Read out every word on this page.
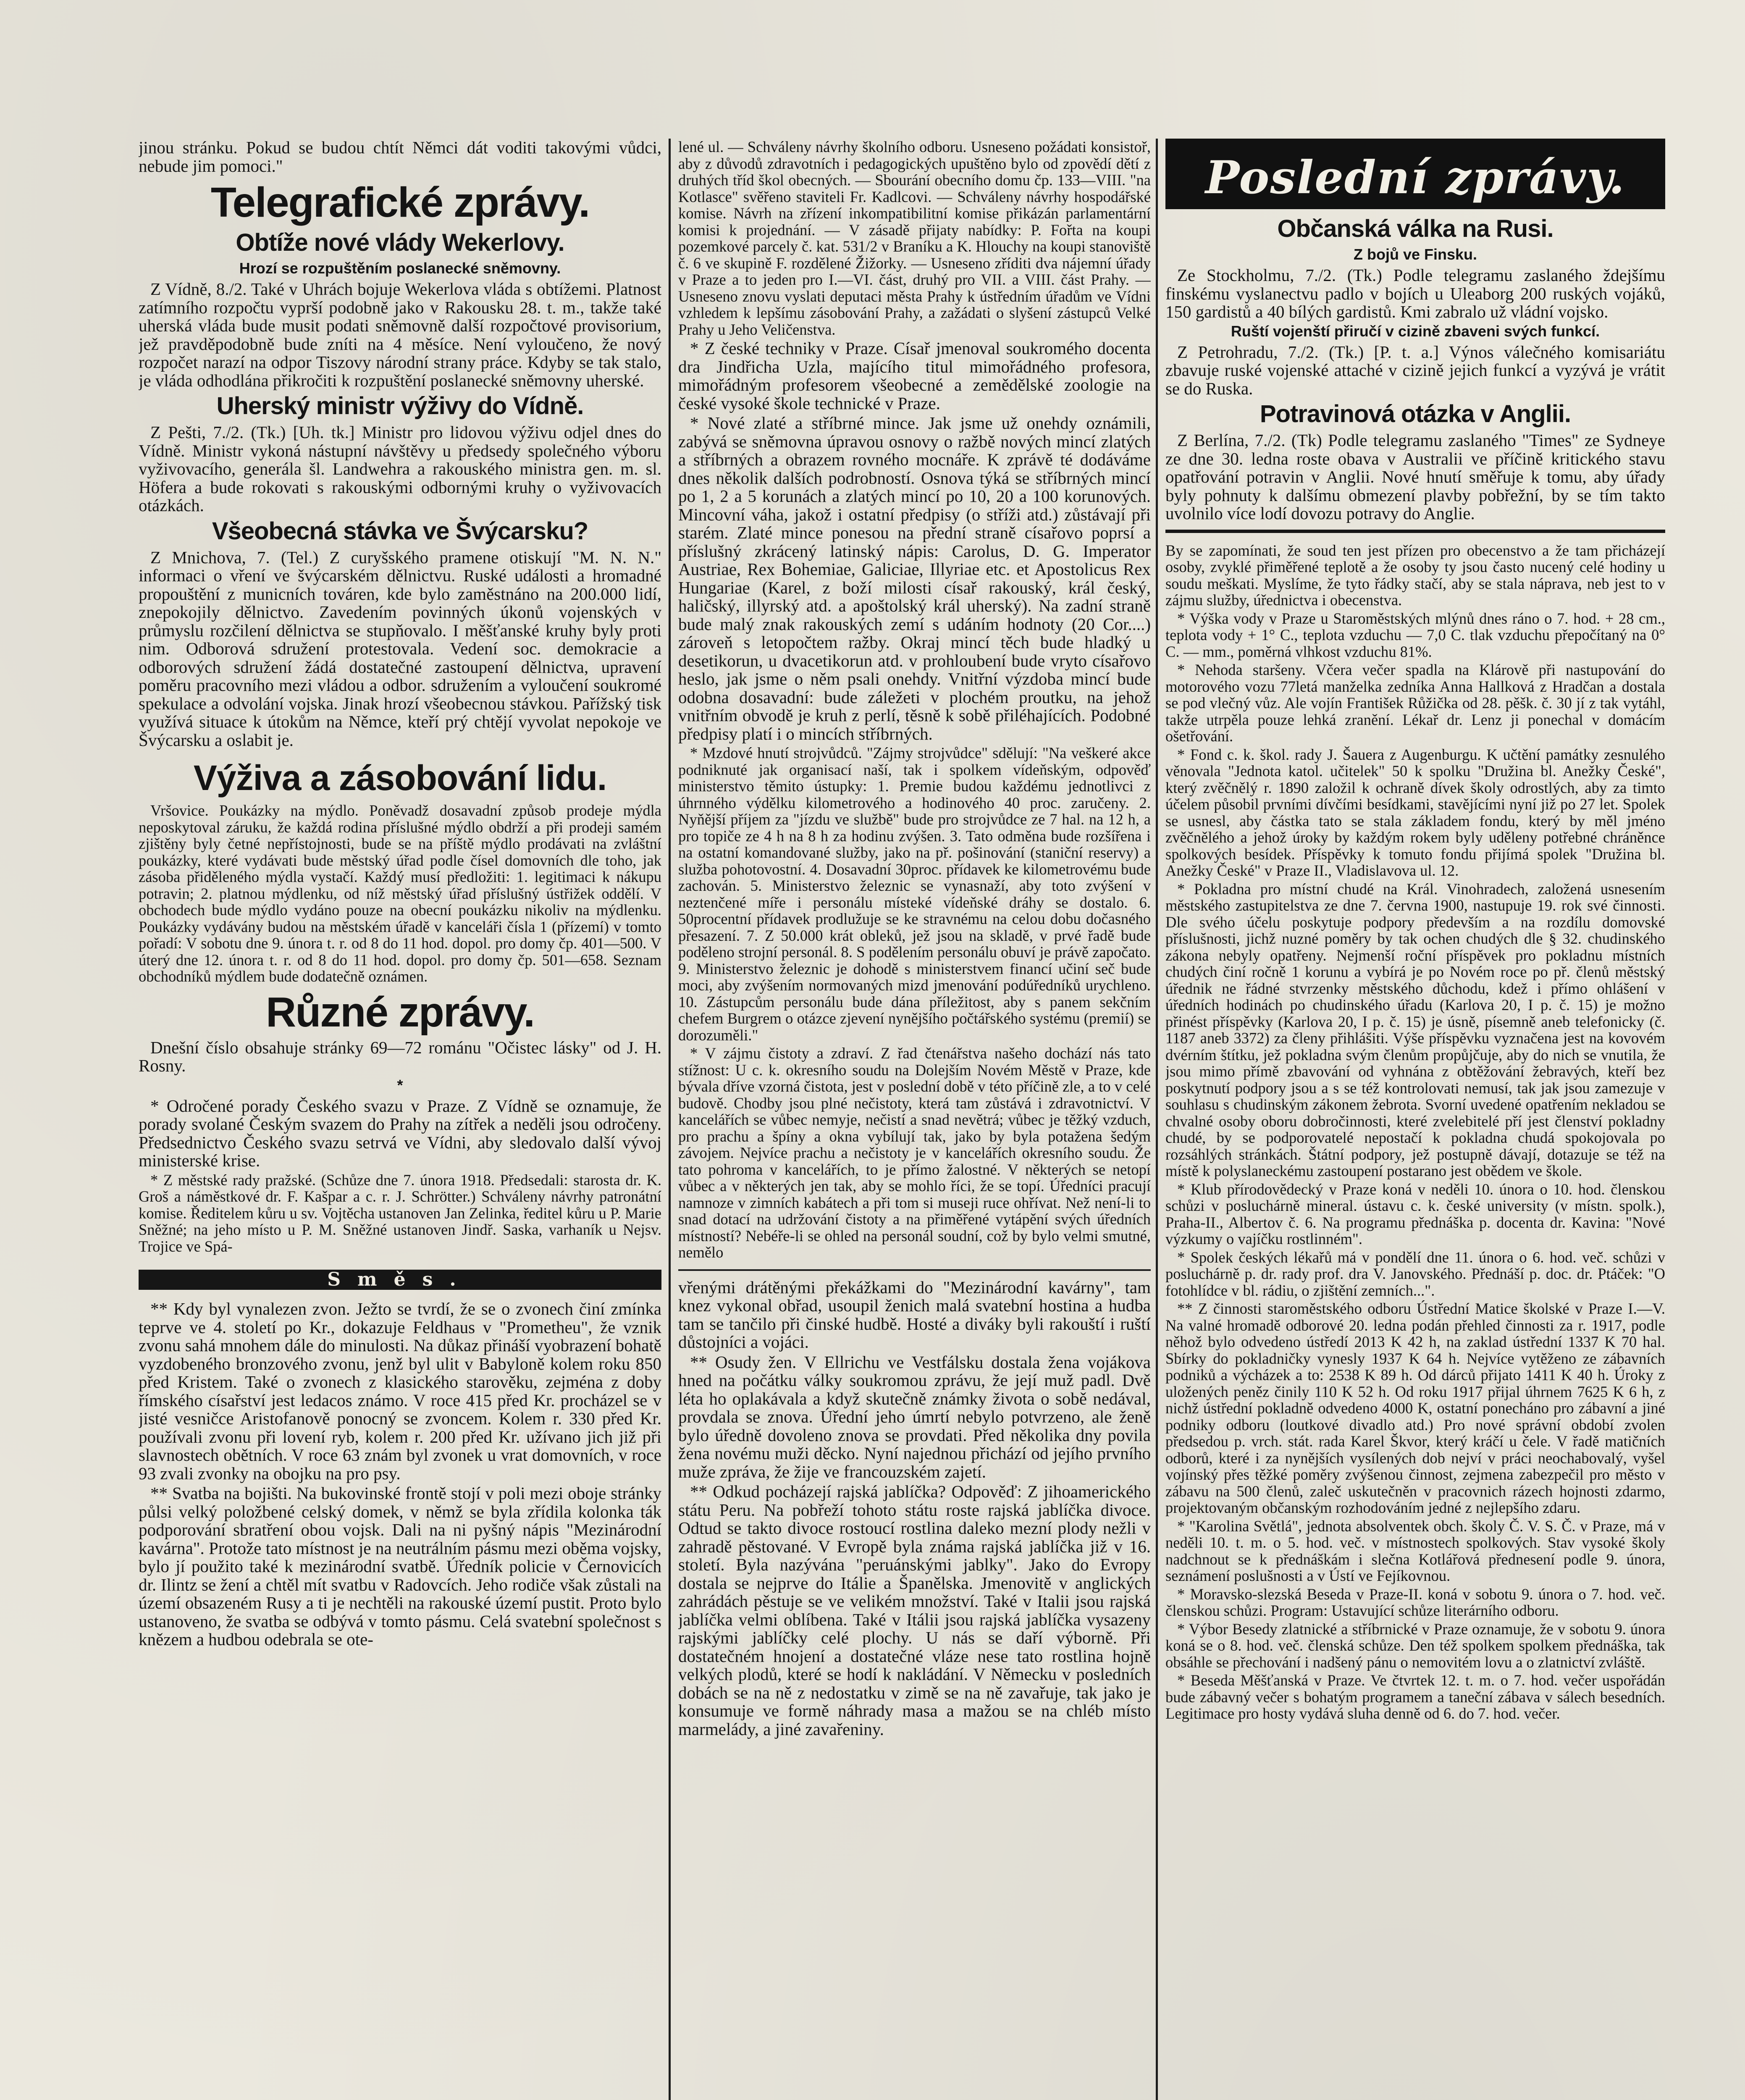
jinou stránku. Pokud se budou chtít Němci dát voditi takovými vůdci, nebude jim pomoci."

Telegrafické zprávy.
Obtíže nové vlády Wekerlovy.
Hrozí se rozpuštěním poslanecké sněmovny.

Z Vídně, 8./2. Také v Uhrách bojuje Wekerlova vláda s obtížemi. Platnost zatímního rozpočtu vyprší podobně jako v Rakousku 28. t. m., takže také uherská vláda bude musit podati sněmovně další rozpočtové provisorium, jež pravděpodobně bude zníti na 4 měsíce. Není vyloučeno, že nový rozpočet narazí na odpor Tiszovy národní strany práce. Kdyby se tak stalo, je vláda odhodlána přikročiti k rozpuštění poslanecké sněmovny uherské.

Uherský ministr výživy do Vídně.

Z Pešti, 7./2. (Tk.) [Uh. tk.] Ministr pro lidovou výživu odjel dnes do Vídně. Ministr vykoná nástupní návštěvy u předsedy společného výboru vyživovacího, generála šl. Landwehra a rakouského ministra gen. m. sl. Höfera a bude rokovati s rakouskými odbornými kruhy o vyživovacích otázkách.

Všeobecná stávka ve Švýcarsku?

Z Mnichova, 7. (Tel.) Z curyšského pramene otiskují "M. N. N." informaci o vření ve švýcarském dělnictvu. Ruské události a hromadné propouštění z municních továren, kde bylo zaměstnáno na 200.000 lidí, znepokojily dělnictvo. Zavedením povinných úkonů vojenských v průmyslu rozčilení dělnictva se stupňovalo. I měšťanské kruhy byly proti nim. Odborová sdružení protestovala. Vedení soc. demokracie a odborových sdružení žádá dostatečné zastoupení dělnictva, upravení poměru pracovního mezi vládou a odbor. sdružením a vyloučení soukromé spekulace a odvolání vojska. Jinak hrozí všeobecnou stávkou. Pařížský tisk využívá situace k útokům na Němce, kteří prý chtějí vyvolat nepokoje ve Švýcarsku a oslabit je.

Výživa a zásobování lidu.

Vršovice. Poukázky na mýdlo. Poněvadž dosavadní způsob prodeje mýdla neposkytoval záruku, že každá rodina příslušné mýdlo obdrží a při prodeji samém zjištěny byly četné nepřístojnosti, bude se na příště mýdlo prodávati na zvláštní poukázky, které vydávati bude městský úřad podle čísel domovních dle toho, jak zásoba přiděleného mýdla vystačí. Každý musí předložiti: 1. legitimaci k nákupu potravin; 2. platnou mýdlenku, od níž městský úřad příslušný ústřižek oddělí. V obchodech bude mýdlo vydáno pouze na obecní poukázku nikoliv na mýdlenku. Poukázky vydávány budou na městském úřadě v kanceláři čísla 1 (přízemí) v tomto pořadí: V sobotu dne 9. února t. r. od 8 do 11 hod. dopol. pro domy čp. 401—500. V úterý dne 12. února t. r. od 8 do 11 hod. dopol. pro domy čp. 501—658. Seznam obchodníků mýdlem bude dodatečně oznámen.

Různé zprávy.

Dnešní číslo obsahuje stránky 69—72 románu "Očistec lásky" od J. H. Rosny.

*

* Odročené porady Českého svazu v Praze. Z Vídně se oznamuje, že porady svolané Českým svazem do Prahy na zítřek a neděli jsou odročeny. Předsednictvo Českého svazu setrvá ve Vídni, aby sledovalo další vývoj ministerské krise.

* Z městské rady pražské. (Schůze dne 7. února 1918. Předsedali: starosta dr. K. Groš a náměstkové dr. F. Kašpar a c. r. J. Schrötter.) Schváleny návrhy patronátní komise. Ředitelem kůru u sv. Vojtěcha ustanoven Jan Zelinka, ředitel kůru u P. Marie Sněžné; na jeho místo u P. M. Sněžné ustanoven Jindř. Saska, varhaník u Nejsv. Trojice ve Spá-

Směs.

** Kdy byl vynalezen zvon. Ježto se tvrdí, že se o zvonech činí zmínka teprve ve 4. století po Kr., dokazuje Feldhaus v "Prometheu", že vznik zvonu sahá mnohem dále do minulosti. Na důkaz přináší vyobrazení bohatě vyzdobeného bronzového zvonu, jenž byl ulit v Babyloně kolem roku 850 před Kristem. Také o zvonech z klasického starověku, zejména z doby římského císařství jest ledacos známo. V roce 415 před Kr. procházel se v jisté vesničce Aristofanově ponocný se zvoncem. Kolem r. 330 před Kr. používali zvonu při lovení ryb, kolem r. 200 před Kr. užívano jich již při slavnostech obětních. V roce 63 znám byl zvonek u vrat domovních, v roce 93 zvali zvonky na obojku na pro psy.

** Svatba na bojišti. Na bukovinské frontě stojí v poli mezi oboje stránky půlsi velký položbené celský domek, v němž se byla zřídila kolonka ták podporování sbratření obou vojsk. Dali na ni pyšný nápis "Mezinárodní kavárna". Protože tato místnost je na neutrálním pásmu mezi oběma vojsky, bylo jí použito také k mezinárodní svatbě. Úředník policie v Černovicích dr. Ilintz se žení a chtěl mít svatbu v Radovcích. Jeho rodiče však zůstali na území obsazeném Rusy a ti je nechtěli na rakouské území pustit. Proto bylo ustanoveno, že svatba se odbývá v tomto pásmu. Celá svatební společnost s knězem a hudbou odebrala se ote-

lené ul. — Schváleny návrhy školního odboru. Usneseno požádati konsistoř, aby z důvodů zdravotních i pedagogických upuštěno bylo od zpovědí dětí z druhých tříd škol obecných. — Sbourání obecního domu čp. 133—VIII. "na Kotlasce" svěřeno staviteli Fr. Kadlcovi. — Schváleny návrhy hospodářské komise. Návrh na zřízení inkompatibilitní komise přikázán parlamentární komisi k projednání. — V zásadě přijaty nabídky: P. Fořta na koupi pozemkové parcely č. kat. 531/2 v Braníku a K. Hlouchy na koupi stanoviště č. 6 ve skupině F. rozdělené Žižorky. — Usneseno zříditi dva nájemní úřady v Praze a to jeden pro I.—VI. část, druhý pro VII. a VIII. část Prahy. — Usneseno znovu vyslati deputaci města Prahy k ústředním úřadům ve Vídni vzhledem k lepšímu zásobování Prahy, a zažádati o slyšení zástupců Velké Prahy u Jeho Veličenstva.

* Z české techniky v Praze. Císař jmenoval soukromého docenta dra Jindřicha Uzla, majícího titul mimořádného profesora, mimořádným profesorem všeobecné a zemědělské zoologie na české vysoké škole technické v Praze.

* Nové zlaté a stříbrné mince. Jak jsme už onehdy oznámili, zabývá se sněmovna úpravou osnovy o ražbě nových mincí zlatých a stříbrných a obrazem rovného mocnáře. K zprávě té dodáváme dnes několik dalších podrobností. Osnova týká se stříbrných mincí po 1, 2 a 5 korunách a zlatých mincí po 10, 20 a 100 korunových. Mincovní váha, jakož i ostatní předpisy (o stříži atd.) zůstávají při starém. Zlaté mince ponesou na přední straně císařovo poprsí a příslušný zkrácený latinský nápis: Carolus, D. G. Imperator Austriae, Rex Bohemiae, Galiciae, Illyriae etc. et Apostolicus Rex Hungariae (Karel, z boží milosti císař rakouský, král český, haličský, illyrský atd. a apoštolský král uherský). Na zadní straně bude malý znak rakouských zemí s udáním hodnoty (20 Cor....) zároveň s letopočtem ražby. Okraj mincí těch bude hladký u desetikorun, u dvacetikorun atd. v prohloubení bude vryto císařovo heslo, jak jsme o něm psali onehdy. Vnitřní výzdoba mincí bude odobna dosavadní: bude záležeti v plochém proutku, na jehož vnitřním obvodě je kruh z perlí, těsně k sobě přiléhajících. Podobné předpisy platí i o mincích stříbrných.

* Mzdové hnutí strojvůdců. "Zájmy strojvůdce" sdělují: "Na veškeré akce podniknuté jak organisací naší, tak i spolkem vídeňským, odpověď ministerstvo těmito ústupky: 1. Premie budou každému jednotlivci z úhrnného výdělku kilometrového a hodinového 40 proc. zaručeny. 2. Nyňější příjem za "jízdu ve službě" bude pro strojvůdce ze 7 hal. na 12 h, a pro topiče ze 4 h na 8 h za hodinu zvýšen. 3. Tato odměna bude rozšířena i na ostatní komandované služby, jako na př. pošinování (staniční reservy) a služba pohotovostní. 4. Dosavadní 30proc. přídavek ke kilometrovému bude zachován. 5. Ministerstvo železnic se vynasnaží, aby toto zvýšení v neztenčené míře i personálu místeké vídeňské dráhy se dostalo. 6. 50procentní přídavek prodlužuje se ke stravnému na celou dobu dočasného přesazení. 7. Z 50.000 krát obleků, jež jsou na skladě, v prvé řadě bude poděleno strojní personál. 8. S podělením personálu obuví je právě započato. 9. Ministerstvo železnic je dohodě s ministerstvem financí učiní seč bude moci, aby zvýšením normovaných mizd jmenování podúředníků urychleno. 10. Zástupcům personálu bude dána příležitost, aby s panem sekčním chefem Burgrem o otázce zjevení nynějšího počtářského systému (premií) se dorozuměli."

* V zájmu čistoty a zdraví. Z řad čtenářstva našeho dochází nás tato stížnost: U c. k. okresního soudu na Dolejším Novém Městě v Praze, kde bývala dříve vzorná čistota, jest v poslední době v této příčině zle, a to v celé budově. Chodby jsou plné nečistoty, která tam zůstává i zdravotnictví. V kancelářích se vůbec nemyje, nečistí a snad nevětrá; vůbec je těžký vzduch, pro prachu a špíny a okna vybílují tak, jako by byla potažena šedým závojem. Nejvíce prachu a nečistoty je v kancelářích okresního soudu. Že tato pohroma v kancelářích, to je přímo žalostné. V některých se netopí vůbec a v některých jen tak, aby se mohlo říci, že se topí. Úředníci pracují namnoze v zimních kabátech a při tom si museji ruce ohřívat. Než není-li to snad dotací na udržování čistoty a na přiměřené vytápění svých úředních místností? Nebéře-li se ohled na personál soudní, což by bylo velmi smutné, nemělo

vřenými drátěnými překážkami do "Mezinárodní kavárny", tam knez vykonal obřad, usoupil ženich malá svatební hostina a hudba tam se tančilo při činské hudbě. Hosté a diváky byli rakouští i ruští důstojníci a vojáci.

** Osudy žen. V Ellrichu ve Vestfálsku dostala žena vojákova hned na počátku války soukromou zprávu, že její muž padl. Dvě léta ho oplakávala a když skutečně známky života o sobě nedával, provdala se znova. Úřední jeho úmrtí nebylo potvrzeno, ale ženě bylo úředně dovoleno znova se provdati. Před několika dny povila žena novému muži děcko. Nyní najednou přichází od jejího prvního muže zpráva, že žije ve francouzském zajetí.

** Odkud pocházejí rajská jablíčka? Odpověď: Z jihoamerického státu Peru. Na pobřeží tohoto státu roste rajská jablíčka divoce. Odtud se takto divoce rostoucí rostlina daleko mezní plody nežli v zahradě pěstované. V Evropě byla známa rajská jablíčka již v 16. století. Byla nazývána "peruánskými jablky". Jako do Evropy dostala se nejprve do Itálie a Španělska. Jmenovitě v anglických zahrádách pěstuje se ve velikém množství. Také v Italii jsou rajská jablíčka velmi oblíbena. Také v Itálii jsou rajská jablíčka vysazeny rajskými jablíčky celé plochy. U nás se daří výborně. Při dostatečném hnojení a dostatečné vláze nese tato rostlina hojně velkých plodů, které se hodí k nakládání. V Německu v posledních dobách se na ně z nedostatku v zimě se na ně zavařuje, tak jako je konsumuje ve formě náhrady masa a mažou se na chléb místo marmelády, a jiné zavařeniny.

Poslední zprávy.
Občanská válka na Rusi.
Z bojů ve Finsku.

Ze Stockholmu, 7./2. (Tk.) Podle telegramu zaslaného ždejšímu finskému vyslanectvu padlo v bojích u Uleaborg 200 ruských vojáků, 150 gardistů a 40 bílých gardistů. Kmi zabralo už vládní vojsko.

Ruští vojenští přiručí v cizině zbaveni svých funkcí.

Z Petrohradu, 7./2. (Tk.) [P. t. a.] Výnos válečného komisariátu zbavuje ruské vojenské attaché v cizině jejich funkcí a vyzývá je vrátit se do Ruska.

Potravinová otázka v Anglii.

Z Berlína, 7./2. (Tk) Podle telegramu zaslaného "Times" ze Sydneye ze dne 30. ledna roste obava v Australii ve příčině kritického stavu opatřování potravin v Anglii. Nové hnutí směřuje k tomu, aby úřady byly pohnuty k dalšímu obmezení plavby pobřežní, by se tím takto uvolnilo více lodí dovozu potravy do Anglie.

By se zapomínati, že soud ten jest přízen pro obecenstvo a že tam přicházejí osoby, zvyklé přiměřené teplotě a že osoby ty jsou často nucený celé hodiny u soudu meškati. Myslíme, že tyto řádky stačí, aby se stala náprava, neb jest to v zájmu služby, úřednictva i obecenstva.

* Výška vody v Praze u Staroměstských mlýnů dnes ráno o 7. hod. + 28 cm., teplota vody + 1° C., teplota vzduchu — 7,0 C. tlak vzduchu přepočítaný na 0° C. — mm., poměrná vlhkost vzduchu 81%.

* Nehoda staršeny. Včera večer spadla na Klárově při nastupování do motorového vozu 77letá manželka zedníka Anna Hallková z Hradčan a dostala se pod vlečný vůz. Ale vojín František Růžička od 28. pěšk. č. 30 jí z tak vytáhl, takže utrpěla pouze lehká zranění. Lékař dr. Lenz ji ponechal v domácím ošetřování.

* Fond c. k. škol. rady J. Šauera z Augenburgu. K učtění památky zesnulého věnovala "Jednota katol. učitelek" 50 k spolku "Družina bl. Anežky České", který zvěčnělý r. 1890 založil k ochraně dívek školy odrostlých, aby za timto účelem působil prvními dívčími besídkami, stavějícími nyní již po 27 let. Spolek se usnesl, aby částka tato se stala základem fondu, který by měl jméno zvěčnělého a jehož úroky by každým rokem byly uděleny potřebné chráněnce spolkových besídek. Příspěvky k tomuto fondu přijímá spolek "Družina bl. Anežky České" v Praze II., Vladislavova ul. 12.

* Pokladna pro místní chudé na Král. Vinohradech, založená usnesením městského zastupitelstva ze dne 7. června 1900, nastupuje 19. rok své činnosti. Dle svého účelu poskytuje podpory především a na rozdílu domovské příslušnosti, jichž nuzné poměry by tak ochen chudých dle § 32. chudinského zákona nebyly opatřeny. Nejmenší roční příspěvek pro pokladnu místních chudých činí ročně 1 korunu a vybírá je po Novém roce po př. členů městský úřednik ne řádné stvrzenky městského důchodu, kdež i přímo ohlášení v úředních hodinách po chudinského úřadu (Karlova 20, I p. č. 15) je možno přinést příspěvky (Karlova 20, I p. č. 15) je úsně, písemně aneb telefonicky (č. 1187 aneb 3372) za členy přihlášiti. Výše příspěvku vyznačena jest na kovovém dvérním štítku, jež pokladna svým členům propůjčuje, aby do nich se vnutila, že jsou mimo přímě zbavování od vyhnána z obtěžování žebravých, kteří bez poskytnutí podpory jsou a s se též kontrolovati nemusí, tak jak jsou zamezuje v souhlasu s chudinským zákonem žebrota. Svorní uvedené opatřením nekladou se chvalné osoby oboru dobročinnosti, které zvelebitelé pří jest členství pokladny chudé, by se podporovatelé nepostačí k pokladna chudá spokojovala po rozsáhlých stránkách. Štátní podpory, jež postupně dávají, dotazuje se též na místě k polyslaneckému zastoupení postarano jest obědem ve škole.

* Klub přírodovědecký v Praze koná v neděli 10. února o 10. hod. členskou schůzi v posluchárně mineral. ústavu c. k. české university (v místn. spolk.), Praha-II., Albertov č. 6. Na programu přednáška p. docenta dr. Kavina: "Nové výzkumy o vajíčku rostlinném".

* Spolek českých lékařů má v pondělí dne 11. února o 6. hod. več. schůzi v posluchárně p. dr. rady prof. dra V. Janovského. Přednáší p. doc. dr. Ptáček: "O fotohlídce v bl. rádiu, o zjištění zemních...".

** Z činnosti staroměstského odboru Ústřední Matice školské v Praze I.—V. Na valné hromadě odborové 20. ledna podán přehled činnosti za r. 1917, podle něhož bylo odvedeno ústředí 2013 K 42 h, na zaklad ústřední 1337 K 70 hal. Sbírky do pokladničky vynesly 1937 K 64 h. Nejvíce vytěženo ze zábavních podniků a výcházek a to: 2538 K 89 h. Od dárců přijato 1411 K 40 h. Úroky z uložených peněz činily 110 K 52 h. Od roku 1917 přijal úhrnem 7625 K 6 h, z nichž ústřední pokladně odvedeno 4000 K, ostatní ponecháno pro zábavní a jiné podniky odboru (loutkové divadlo atd.) Pro nové správní období zvolen předsedou p. vrch. stát. rada Karel Škvor, který kráčí u čele. V řadě matičních odborů, které i za nynějších vysílených dob nejví v práci neochabovalý, vyšel vojínský přes těžké poměry zvýšenou činnost, zejmena zabezpečil pro město v zábavu na 500 členů, zaleč uskutečněn v pracovnich rázech hojnosti zdarmo, projektovaným občanským rozhodováním jedné z nejlepšího zdaru.

* "Karolina Světlá", jednota absolventek obch. školy Č. V. S. Č. v Praze, má v neděli 10. t. m. o 5. hod. več. v místnostech spolkových. Stav vysoké školy nadchnout se k přednáškám i slečna Kotlářová přednesení podle 9. února, seznámení poslušnosti a v Ústí ve Fejíkovnou.

* Moravsko-slezská Beseda v Praze-II. koná v sobotu 9. února o 7. hod. več. členskou schůzi. Program: Ustavující schůze literárního odboru.

* Výbor Besedy zlatnické a stříbrnické v Praze oznamuje, že v sobotu 9. února koná se o 8. hod. več. členská schůze. Den též spolkem spolkem přednáška, tak obsáhle se přechování i nadšený pánu o nemovitém lovu a o zlatnictví zvláště.

* Beseda Měšťanská v Praze. Ve čtvrtek 12. t. m. o 7. hod. večer uspořádán bude zábavný večer s bohatým programem a taneční zábava v sálech besedních. Legitimace pro hosty vydává sluha denně od 6. do 7. hod. večer.
